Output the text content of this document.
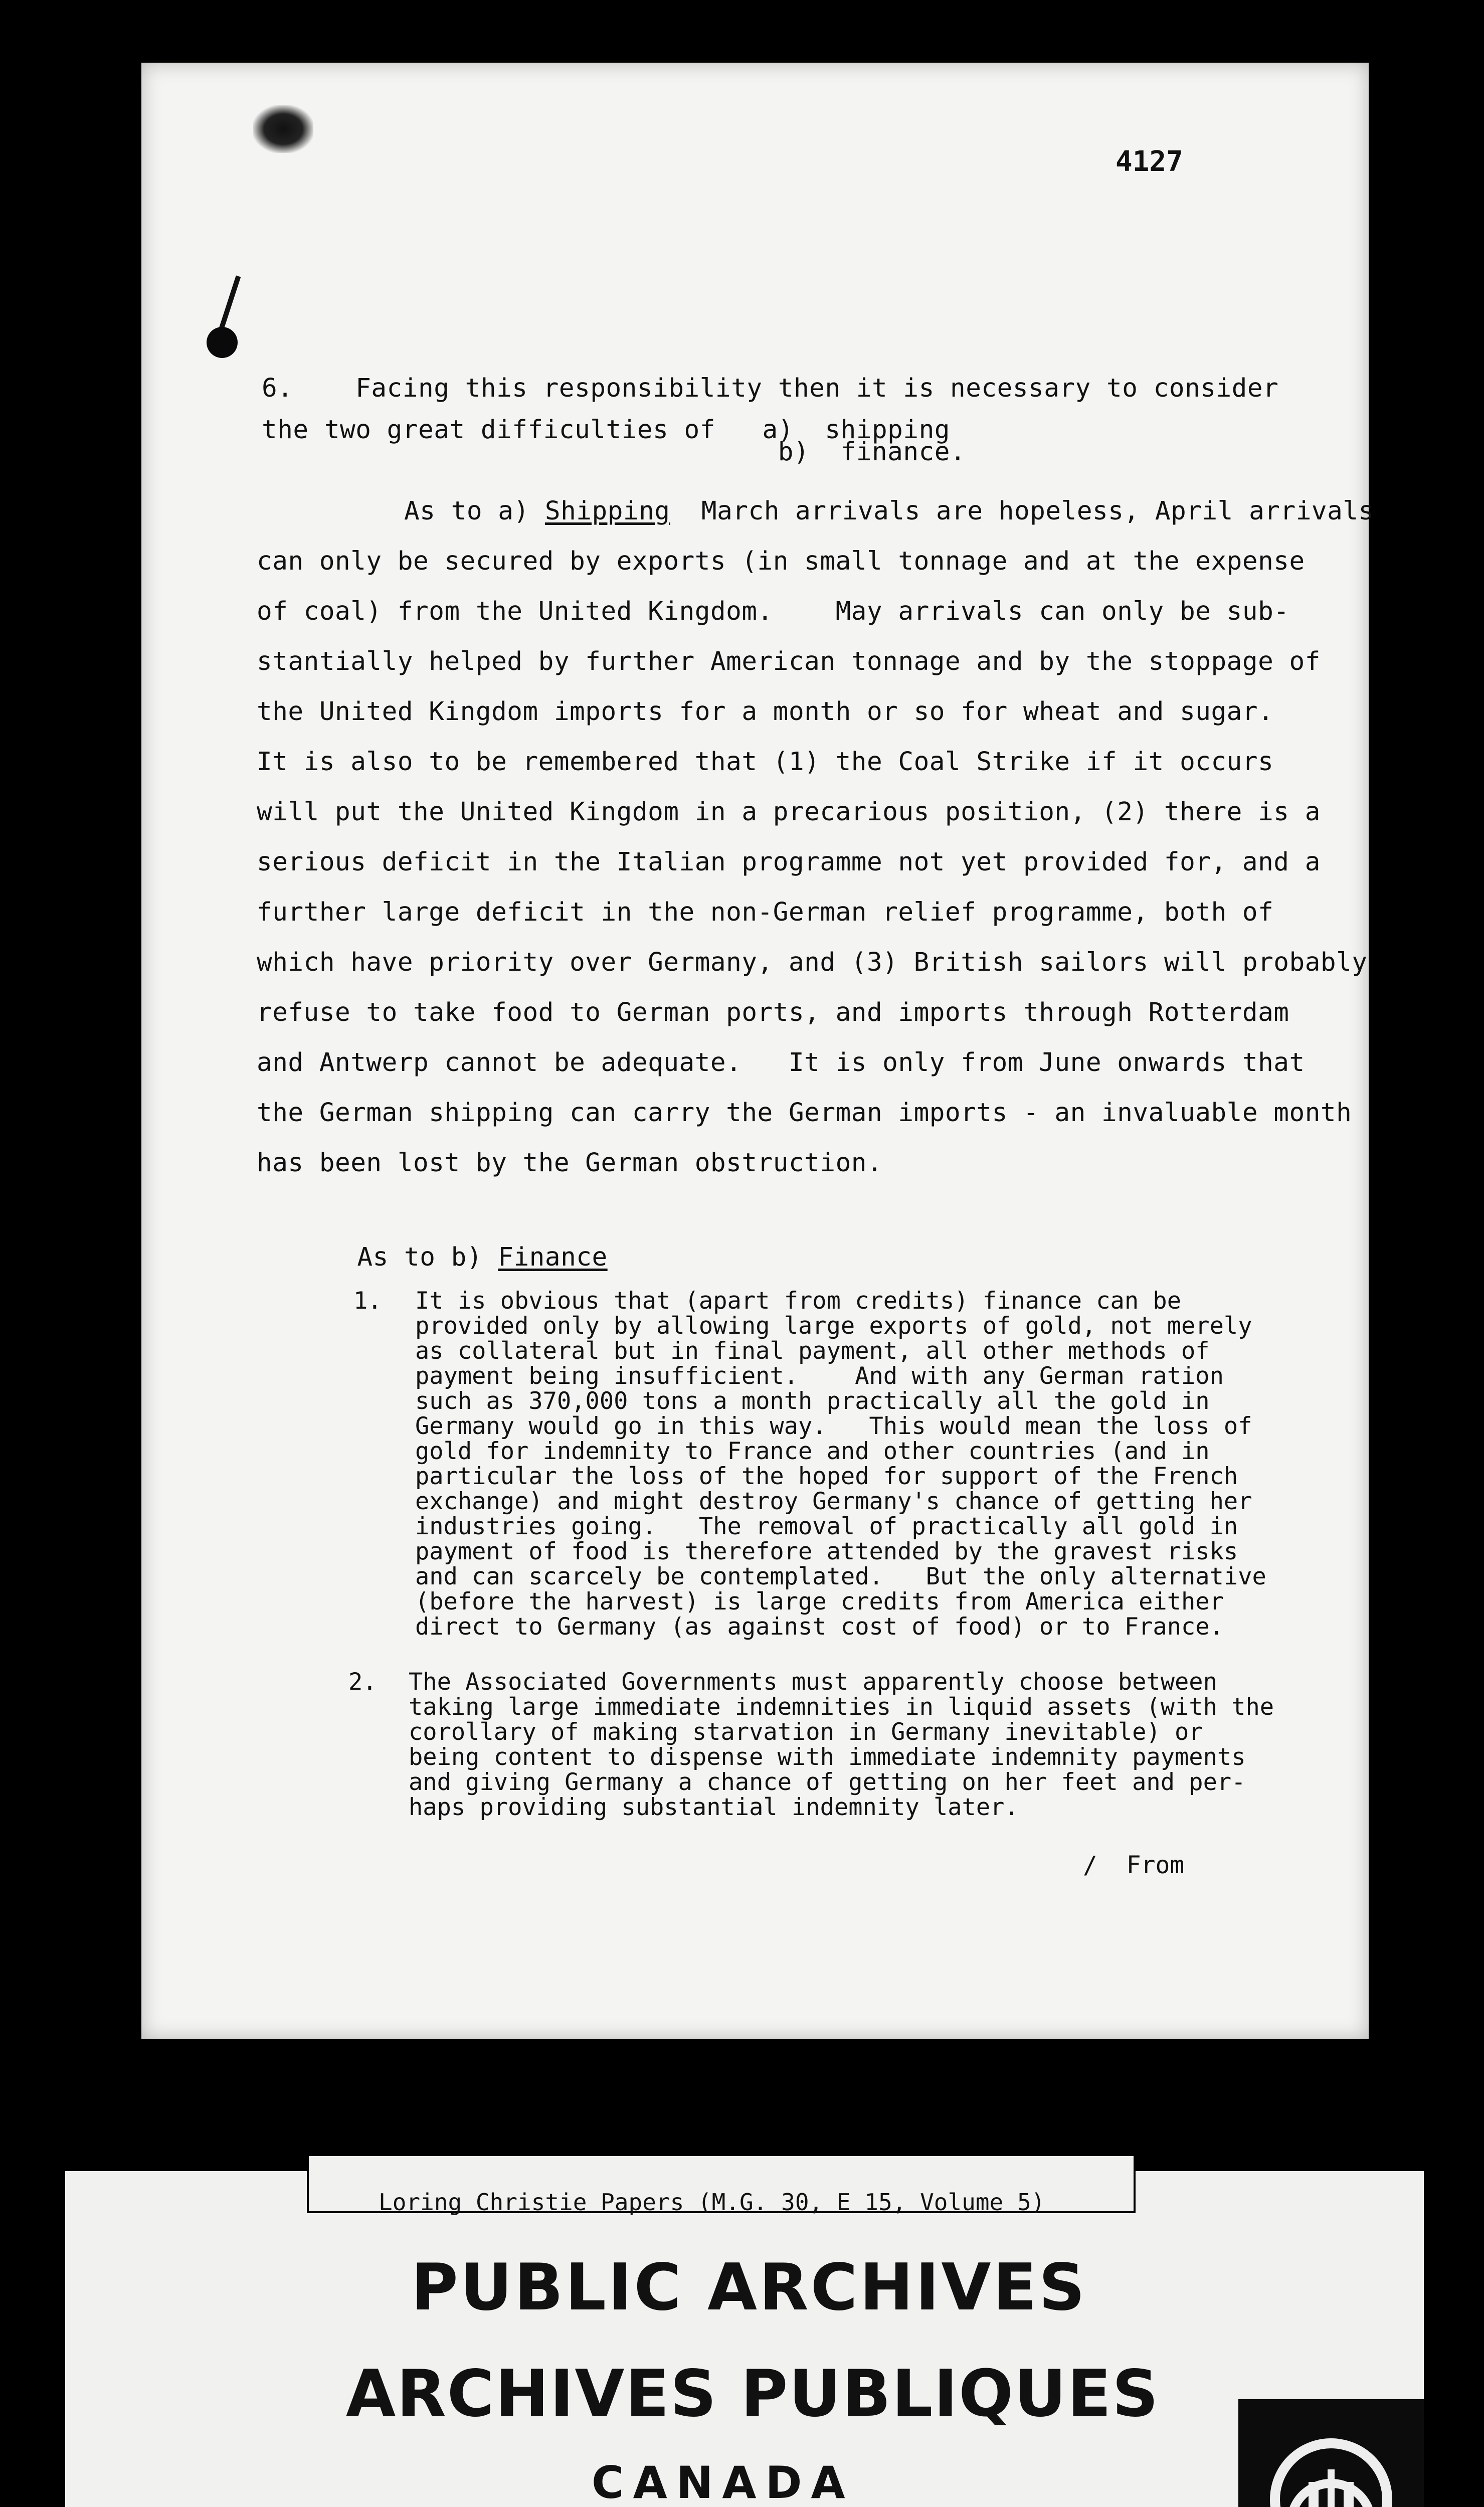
4127
6.    Facing this responsibility then it is necessary to consider
the two great difficulties of   a)  shipping
b)  finance.
As to a) Shipping  March arrivals are hopeless, April arrivals
can only be secured by exports (in small tonnage and at the expense
of coal) from the United Kingdom.    May arrivals can only be sub-
stantially helped by further American tonnage and by the stoppage of
the United Kingdom imports for a month or so for wheat and sugar.
It is also to be remembered that (1) the Coal Strike if it occurs
will put the United Kingdom in a precarious position, (2) there is a
serious deficit in the Italian programme not yet provided for, and a
further large deficit in the non-German relief programme, both of
which have priority over Germany, and (3) British sailors will probably
refuse to take food to German ports, and imports through Rotterdam
and Antwerp cannot be adequate.   It is only from June onwards that
the German shipping can carry the German imports - an invaluable month
has been lost by the German obstruction.

As to b) Finance

1. It is obvious that (apart from credits) finance can be
provided only by allowing large exports of gold, not merely
as collateral but in final payment, all other methods of
payment being insufficient.    And with any German ration
such as 370,000 tons a month practically all the gold in
Germany would go in this way.   This would mean the loss of
gold for indemnity to France and other countries (and in
particular the loss of the hoped for support of the French
exchange) and might destroy Germany's chance of getting her
industries going.   The removal of practically all gold in
payment of food is therefore attended by the gravest risks
and can scarcely be contemplated.   But the only alternative
(before the harvest) is large credits from America either
direct to Germany (as against cost of food) or to France.
2. The Associated Governments must apparently choose between
taking large immediate indemnities in liquid assets (with the
corollary of making starvation in Germany inevitable) or
being content to dispense with immediate indemnity payments
and giving Germany a chance of getting on her feet and per-
haps providing substantial indemnity later.
/  From
Loring Christie Papers (M.G. 30, E 15, Volume 5)
PUBLIC ARCHIVES
ARCHIVES PUBLIQUES
CANADA
